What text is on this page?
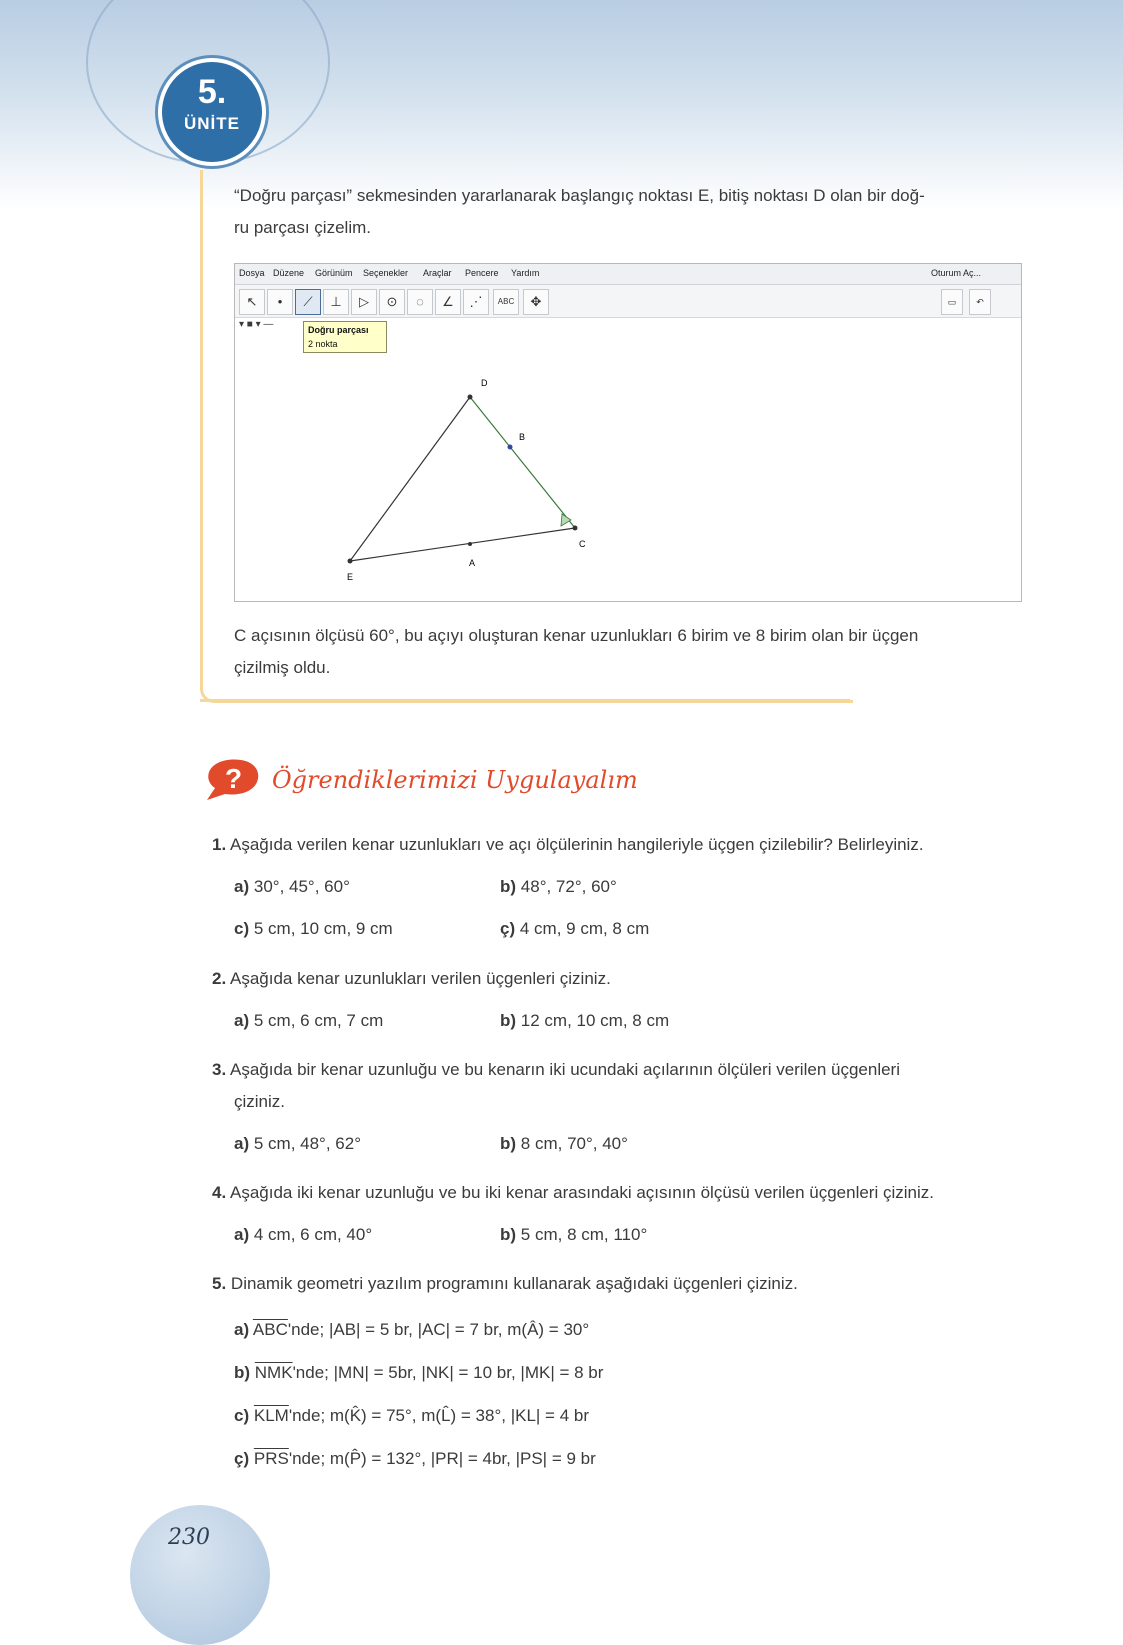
5.
ÜNİTE
“Doğru parçası” sekmesinden yararlanarak başlangıç noktası E, bitiş noktası D olan bir doğ-
ru parçası çizelim.
Dosya Düzene Görünüm Seçenekler Araçlar Pencere Yardım	Oturum Aç...
↖	•	⟋	⊥	▷	⊙	◌	∠	⋰	ABC	✥	▭	↶
▾ ■ ▾ —	Doğru parçası
2 nokta
D
B
C
A
E
C açısının ölçüsü 60°, bu açıyı oluşturan kenar uzunlukları 6 birim ve 8 birim olan bir üçgen
çizilmiş oldu.
? Öğrendiklerimizi Uygulayalım
1. Aşağıda verilen kenar uzunlukları ve açı ölçülerinin hangileriyle üçgen çizilebilir? Belirleyiniz.
a) 30°, 45°, 60°	b) 48°, 72°, 60°
c) 5 cm, 10 cm, 9 cm	ç) 4 cm, 9 cm, 8 cm
2. Aşağıda kenar uzunlukları verilen üçgenleri çiziniz.
a) 5 cm, 6 cm, 7 cm	b) 12 cm, 10 cm, 8 cm
3. Aşağıda bir kenar uzunluğu ve bu kenarın iki ucundaki açılarının ölçüleri verilen üçgenleri
çiziniz.
a) 5 cm, 48°, 62°	b) 8 cm, 70°, 40°
4. Aşağıda iki kenar uzunluğu ve bu iki kenar arasındaki açısının ölçüsü verilen üçgenleri çiziniz.
a) 4 cm, 6 cm, 40°	b) 5 cm, 8 cm, 110°
5. Dinamik geometri yazılım programını kullanarak aşağıdaki üçgenleri çiziniz.
a) $\overline{ABC}'nde$; |AB| = 5 br, |AC| = 7 br, m(Â) = 30°
b) $\overline{NMK}'nde$; |MN| = 5br, |NK| = 10 br, |MK| = 8 br
c) $\overline{KLM}'nde$; m(K̂) = 75°, m(L̂) = 38°, |KL| = 4 br
ç) $\overline{PRS}'nde$; m(P̂) = 132°, |PR| = 4br, |PS| = 9 br
230
